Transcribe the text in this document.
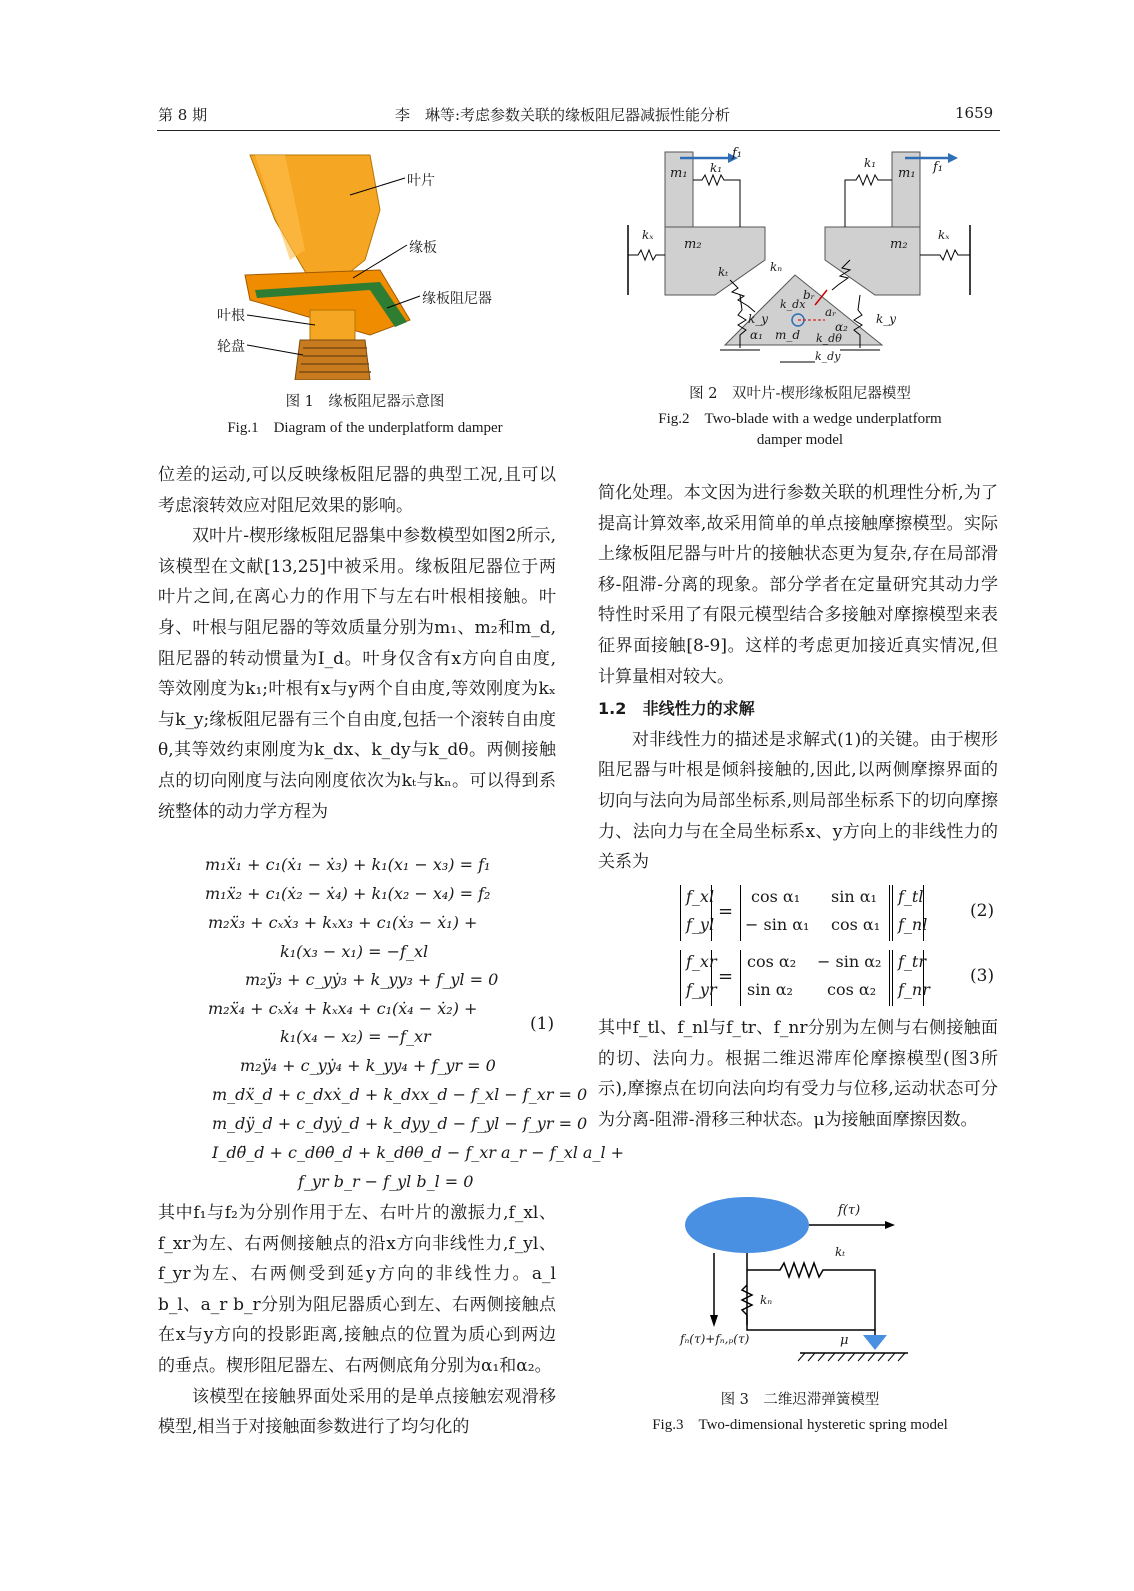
第 8 期	李　琳等:考虑参数关联的缘板阻尼器减振性能分析	1659
叶片
缘板
缘板阻尼器
叶根
轮盘
图 1　缘板阻尼器示意图
Fig.1　Diagram of the underplatform damper
f₁
f₁
m₁	m₁
m₂	m₂
k₁	k₁
kₓ	kₓ
kₜ	kₙ
k_y	k_y
m_d
k_dx
k_dy
k_dθ
α₁
α₂
aᵣ
bᵣ
图 2　双叶片-楔形缘板阻尼器模型
Fig.2　Two-blade with a wedge underplatform
damper model

位差的运动,可以反映缘板阻尼器的典型工况,且可以考虑滚转效应对阻尼效果的影响。

双叶片-楔形缘板阻尼器集中参数模型如图2所示,该模型在文献[13,25]中被采用。缘板阻尼器位于两叶片之间,在离心力的作用下与左右叶根相接触。叶身、叶根与阻尼器的等效质量分别为m₁、m₂和m_d,阻尼器的转动惯量为I_d。叶身仅含有x方向自由度,等效刚度为k₁;叶根有x与y两个自由度,等效刚度为kₓ与k_y;缘板阻尼器有三个自由度,包括一个滚转自由度θ,其等效约束刚度为k_dx、k_dy与k_dθ。两侧接触点的切向刚度与法向刚度依次为kₜ与kₙ。可以得到系统整体的动力学方程为

m₁ẍ₁ + c₁(ẋ₁ − ẋ₃) + k₁(x₁ − x₃) = f₁
m₁ẍ₂ + c₁(ẋ₂ − ẋ₄) + k₁(x₂ − x₄) = f₂
m₂ẍ₃ + cₓẋ₃ + kₓx₃ + c₁(ẋ₃ − ẋ₁) +
k₁(x₃ − x₁) = −f_xl
m₂ÿ₃ + c_yẏ₃ + k_yy₃ + f_yl = 0
m₂ẍ₄ + cₓẋ₄ + kₓx₄ + c₁(ẋ₄ − ẋ₂) +
k₁(x₄ − x₂) = −f_xr
m₂ÿ₄ + c_yẏ₄ + k_yy₄ + f_yr = 0
m_dẍ_d + c_dxẋ_d + k_dxx_d − f_xl − f_xr = 0
m_dÿ_d + c_dyẏ_d + k_dyy_d − f_yl − f_yr = 0
I_dθ̈_d + c_dθθ̇_d + k_dθθ_d − f_xr a_r − f_xl a_l +
f_yr b_r − f_yl b_l = 0
(1)

其中f₁与f₂为分别作用于左、右叶片的激振力,f_xl、f_xr为左、右两侧接触点的沿x方向非线性力,f_yl、f_yr为左、右两侧受到延y方向的非线性力。a_l b_l、a_r b_r分别为阻尼器质心到左、右两侧接触点在x与y方向的投影距离,接触点的位置为质心到两边的垂点。楔形阻尼器左、右两侧底角分别为α₁和α₂。

该模型在接触界面处采用的是单点接触宏观滑移模型,相当于对接触面参数进行了均匀化的

简化处理。本文因为进行参数关联的机理性分析,为了提高计算效率,故采用简单的单点接触摩擦模型。实际上缘板阻尼器与叶片的接触状态更为复杂,存在局部滑移-阻滞-分离的现象。部分学者在定量研究其动力学特性时采用了有限元模型结合多接触对摩擦模型来表征界面接触[8-9]。这样的考虑更加接近真实情况,但计算量相对较大。

1.2 非线性力的求解

对非线性力的描述是求解式(1)的关键。由于楔形阻尼器与叶根是倾斜接触的,因此,以两侧摩擦界面的切向与法向为局部坐标系,则局部坐标系下的切向摩擦力、法向力与在全局坐标系x、y方向上的非线性力的关系为

f_xl
f_yl
=
cos α₁ sin α₁
− sin α₁ cos α₁
f_tl
f_nl
(2)
f_xr
f_yr
=
cos α₂ − sin α₂
sin α₂ cos α₂
f_tr
f_nr
(3)

其中f_tl、f_nl与f_tr、f_nr分别为左侧与右侧接触面的切、法向力。根据二维迟滞库伦摩擦模型(图3所示),摩擦点在切向法向均有受力与位移,运动状态可分为分离-阻滞-滑移三种状态。μ为接触面摩擦因数。

f(τ)
kₜ
kₙ
fₙ(τ)+fₙ,ₚ(τ)	μ
图 3　二维迟滞弹簧模型
Fig.3　Two-dimensional hysteretic spring model
